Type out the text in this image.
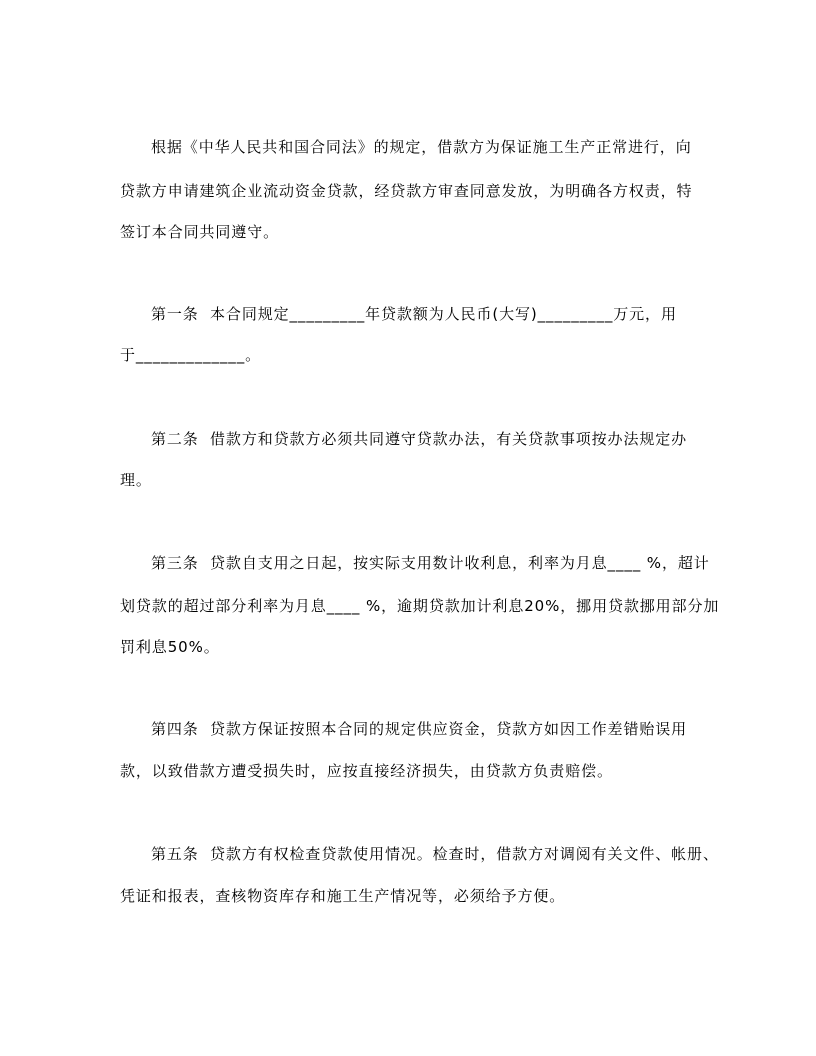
根据《中华人民共和国合同法》的规定，借款方为保证施工生产正常进行，向
贷款方申请建筑企业流动资金贷款，经贷款方审查同意发放，为明确各方权责，特
签订本合同共同遵守。
第一条  本合同规定_________年贷款额为人民币(大写)_________万元，用
于_____________。
第二条  借款方和贷款方必须共同遵守贷款办法，有关贷款事项按办法规定办
理。
第三条  贷款自支用之日起，按实际支用数计收利息，利率为月息____ %，超计
划贷款的超过部分利率为月息____ %，逾期贷款加计利息20%，挪用贷款挪用部分加
罚利息50%。
第四条  贷款方保证按照本合同的规定供应资金，贷款方如因工作差错贻误用
款，以致借款方遭受损失时，应按直接经济损失，由贷款方负责赔偿。
第五条  贷款方有权检查贷款使用情况。检查时，借款方对调阅有关文件、帐册、
凭证和报表，查核物资库存和施工生产情况等，必须给予方便。
